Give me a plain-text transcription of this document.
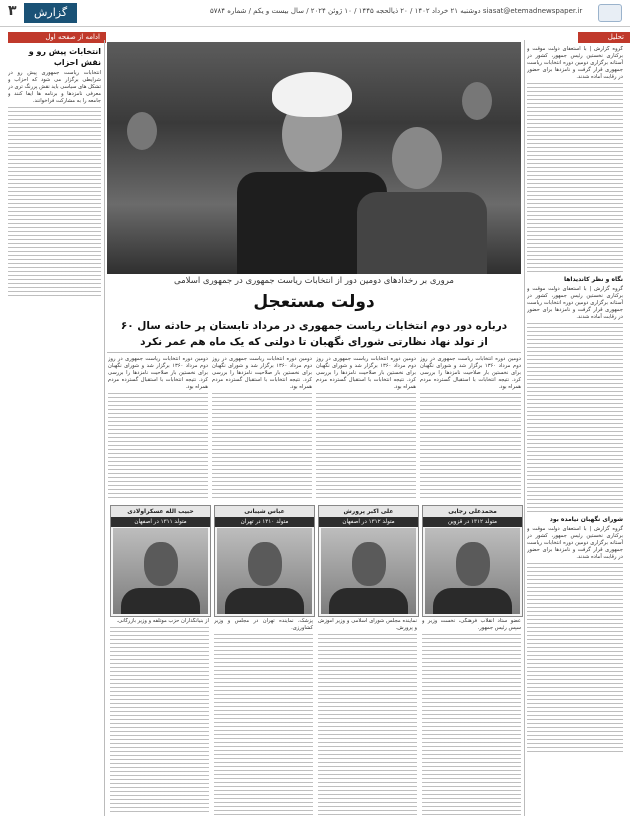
۳	گزارش	siasat@etemadnewspaper.ir دوشنبه ۲۱ خرداد ۱۴۰۲ / ۲۰ ذیالحجه ۱۴۴۵ / ۱۰ ژوئن ۲۰۲۴ / سال بیست و یکم / شماره ۵۷۸۴
تحلیل
ادامه از صفحه اول
انتخابات پیش رو و نقش احزاب
انتخابات ریاست جمهوری پیش رو در شرایطی برگزار می شود که احزاب و تشکل های سیاسی باید نقش پررنگ تری در معرفی نامزدها و برنامه ها ایفا کنند و جامعه را به مشارکت فراخوانند.
گروه گزارش | با استعفای دولت موقت و برکناری نخستین رئیس جمهور، کشور در آستانه برگزاری دومین دوره انتخابات ریاست جمهوری قرار گرفت و نامزدها برای حضور در رقابت آماده شدند.
نگاه و نظر کاندیداها
گروه گزارش | با استعفای دولت موقت و برکناری نخستین رئیس جمهور، کشور در آستانه برگزاری دومین دوره انتخابات ریاست جمهوری قرار گرفت و نامزدها برای حضور در رقابت آماده شدند.
شورای نگهبان نیامده بود
گروه گزارش | با استعفای دولت موقت و برکناری نخستین رئیس جمهور، کشور در آستانه برگزاری دومین دوره انتخابات ریاست جمهوری قرار گرفت و نامزدها برای حضور در رقابت آماده شدند.
مروری بر رخدادهای دومین دور از انتخابات ریاست جمهوری در جمهوری اسلامی
دولت مستعجل
درباره دور دوم انتخابات ریاست جمهوری در مرداد تابستان پر حادثه سال ۶۰
از تولد نهاد نظارتی شورای نگهبان تا دولتی که یک ماه هم عمر نکرد
دومین دوره انتخابات ریاست جمهوری در روز دوم مرداد ۱۳۶۰ برگزار شد و شورای نگهبان برای نخستین بار صلاحیت نامزدها را بررسی کرد. نتیجه انتخابات با استقبال گسترده مردم همراه بود.
دومین دوره انتخابات ریاست جمهوری در روز دوم مرداد ۱۳۶۰ برگزار شد و شورای نگهبان برای نخستین بار صلاحیت نامزدها را بررسی کرد. نتیجه انتخابات با استقبال گسترده مردم همراه بود.
دومین دوره انتخابات ریاست جمهوری در روز دوم مرداد ۱۳۶۰ برگزار شد و شورای نگهبان برای نخستین بار صلاحیت نامزدها را بررسی کرد. نتیجه انتخابات با استقبال گسترده مردم همراه بود.
دومین دوره انتخابات ریاست جمهوری در روز دوم مرداد ۱۳۶۰ برگزار شد و شورای نگهبان برای نخستین بار صلاحیت نامزدها را بررسی کرد. نتیجه انتخابات با استقبال گسترده مردم همراه بود.
محمدعلی رجایی
متولد ۱۳۱۲ در قزوین
علی اکبر پرورش
متولد ۱۳۱۲ در اصفهان
عباس شیبانی
متولد ۱۳۱۰ در تهران
حبیب الله عسکراولادی
متولد ۱۳۱۱ در اصفهان
عضو ستاد انقلاب فرهنگی، نخست وزیر و سپس رئیس جمهور.
نماینده مجلس شورای اسلامی و وزیر آموزش و پرورش.
پزشک، نماینده تهران در مجلس و وزیر کشاورزی.
از بنیانگذاران حزب موتلفه و وزیر بازرگانی.
